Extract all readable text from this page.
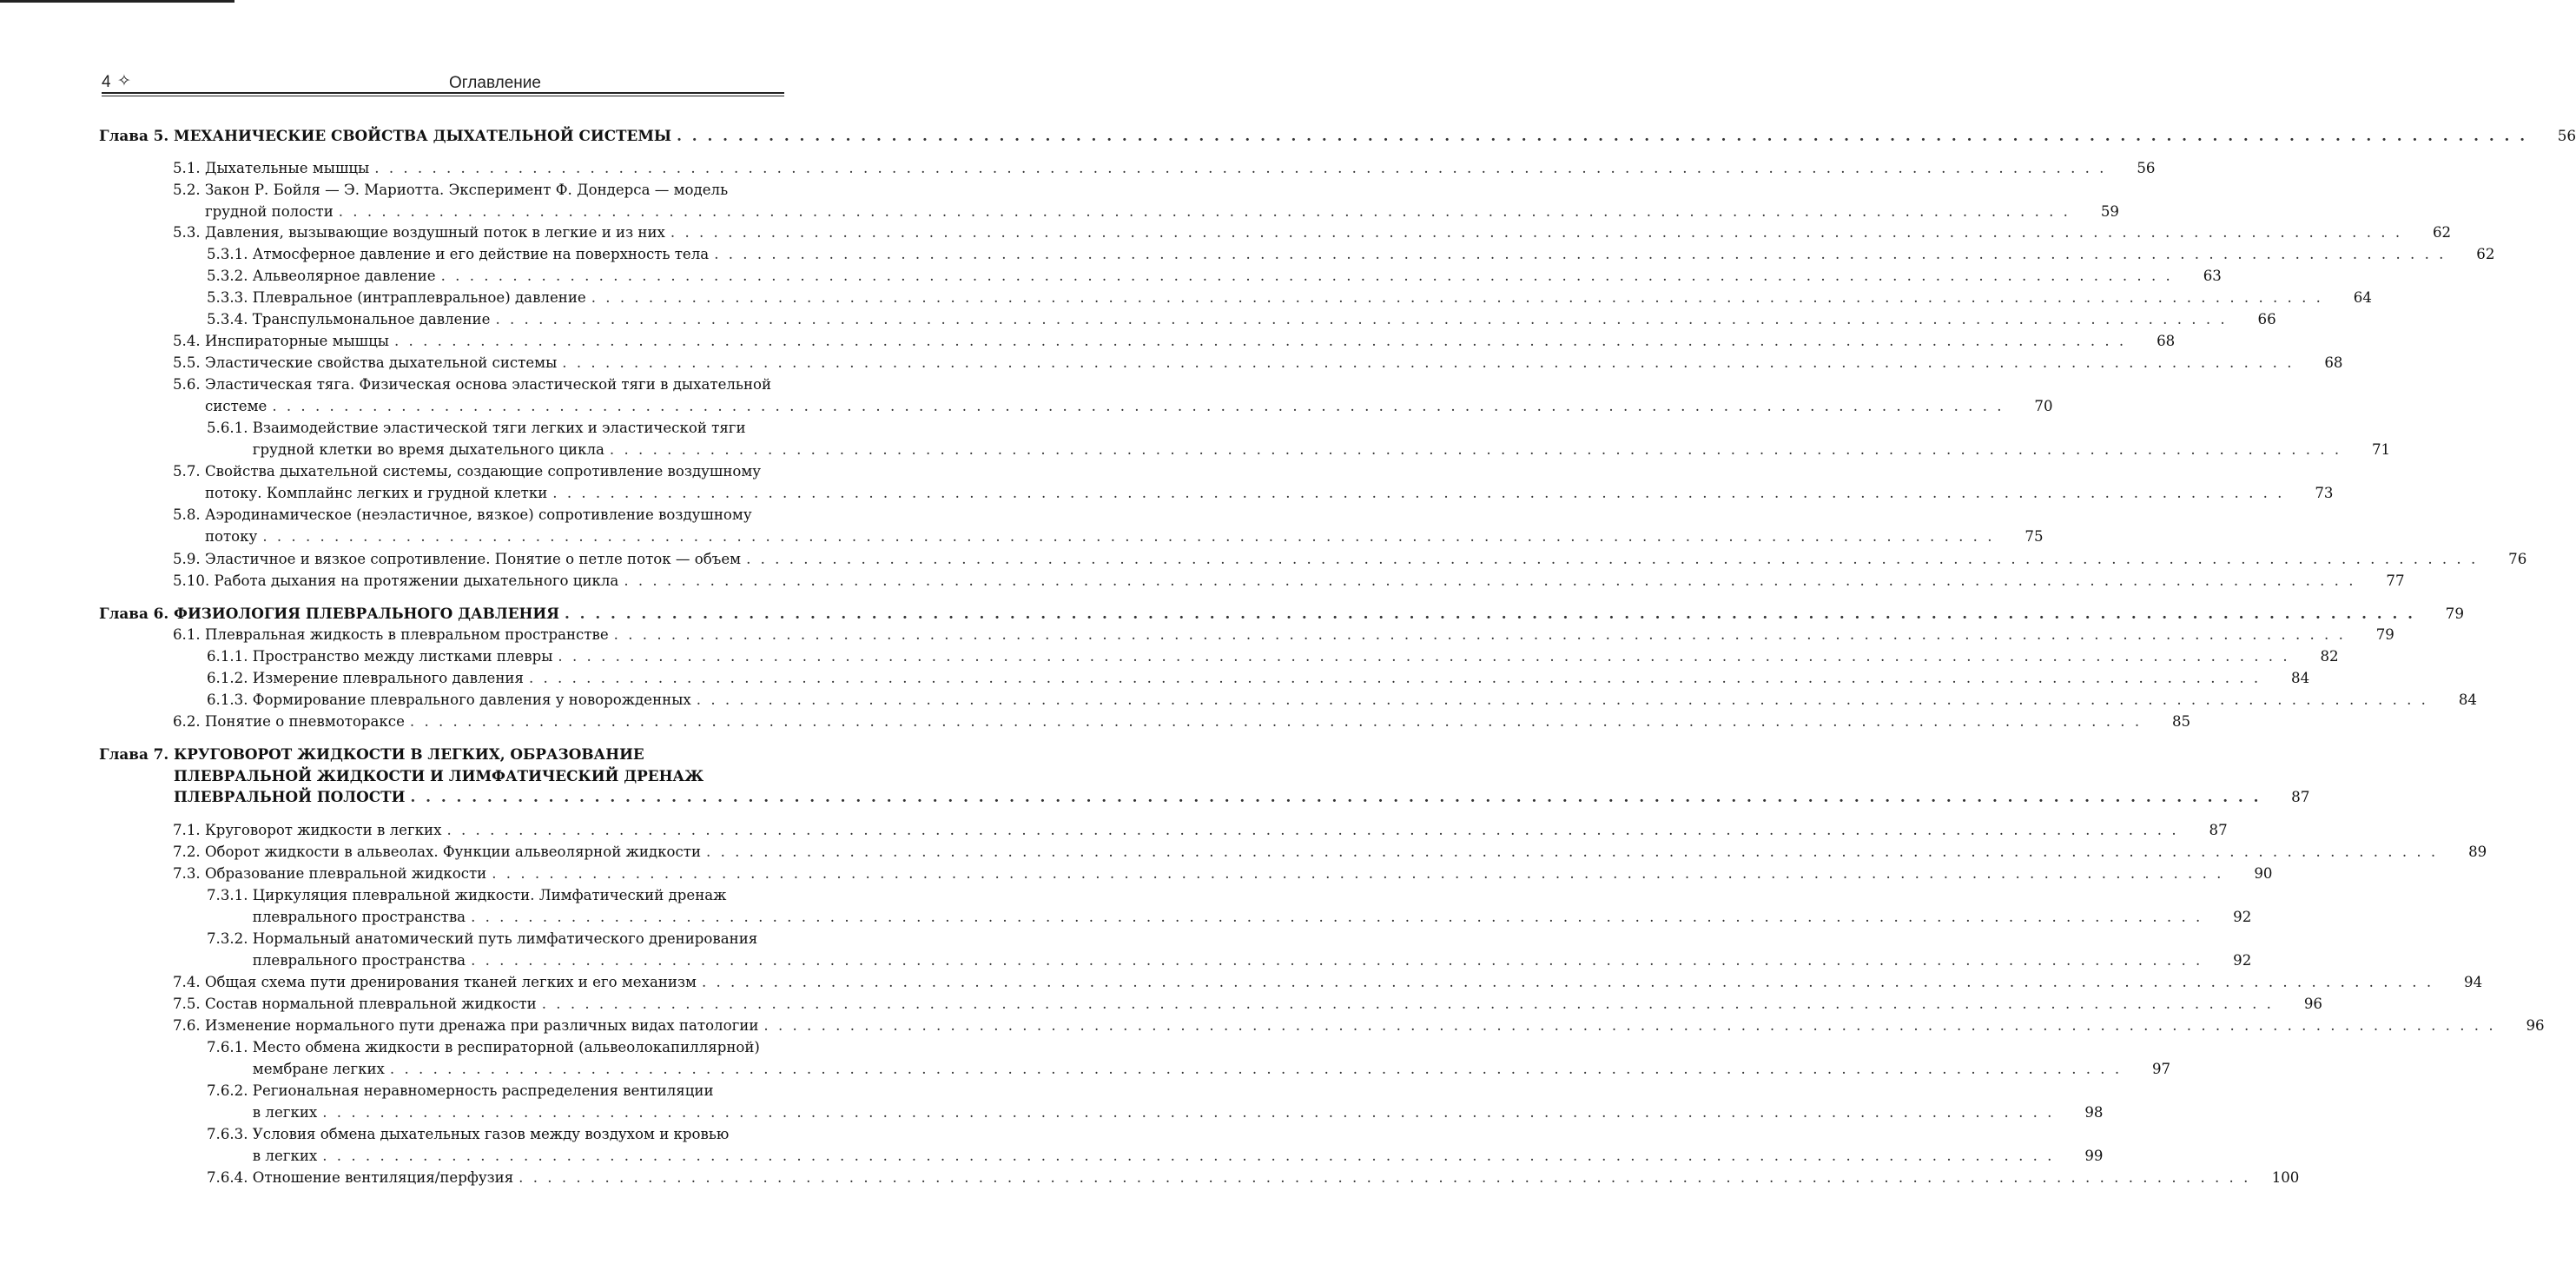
4 ✧	Оглавление
Глава 5. МЕХАНИЧЕСКИЕ СВОЙСТВА ДЫХАТЕЛЬНОЙ СИСТЕМЫ . . .	56
5.1. Дыхательные мышцы . . .	56
5.2. Закон Р. Бойля — Э. Мариотта. Эксперимент Ф. Дондерса — модель
грудной полости . . .	59
5.3. Давления, вызывающие воздушный поток в легкие и из них . . .	62
5.3.1. Атмосферное давление и его действие на поверхность тела . . .	62
5.3.2. Альвеолярное давление . . .	63
5.3.3. Плевральное (интраплевральное) давление . . .	64
5.3.4. Транспульмональное давление . . .	66
5.4. Инспираторные мышцы . . .	68
5.5. Эластические свойства дыхательной системы . . .	68
5.6. Эластическая тяга. Физическая основа эластической тяги в дыхательной
системе . . .	70
5.6.1. Взаимодействие эластической тяги легких и эластической тяги
грудной клетки во время дыхательного цикла . . .	71
5.7. Свойства дыхательной системы, создающие сопротивление воздушному
потоку. Комплайнс легких и грудной клетки . . .	73
5.8. Аэродинамическое (неэластичное, вязкое) сопротивление воздушному
потоку . . .	75
5.9. Эластичное и вязкое сопротивление. Понятие о петле поток — объем . . .	76
5.10. Работа дыхания на протяжении дыхательного цикла . . .	77
Глава 6. ФИЗИОЛОГИЯ ПЛЕВРАЛЬНОГО ДАВЛЕНИЯ . . .	79
6.1. Плевральная жидкость в плевральном пространстве . . .	79
6.1.1. Пространство между листками плевры . . .	82
6.1.2. Измерение плеврального давления . . .	84
6.1.3. Формирование плеврального давления у новорожденных . . .	84
6.2. Понятие о пневмотораксе . . .	85
Глава 7. КРУГОВОРОТ ЖИДКОСТИ В ЛЕГКИХ, ОБРАЗОВАНИЕ
ПЛЕВРАЛЬНОЙ ЖИДКОСТИ И ЛИМФАТИЧЕСКИЙ ДРЕНАЖ
ПЛЕВРАЛЬНОЙ ПОЛОСТИ . . .	87
7.1. Круговорот жидкости в легких . . .	87
7.2. Оборот жидкости в альвеолах. Функции альвеолярной жидкости . . .	89
7.3. Образование плевральной жидкости . . .	90
7.3.1. Циркуляция плевральной жидкости. Лимфатический дренаж
плеврального пространства . . .	92
7.3.2. Нормальный анатомический путь лимфатического дренирования
плеврального пространства . . .	92
7.4. Общая схема пути дренирования тканей легких и его механизм . . .	94
7.5. Состав нормальной плевральной жидкости . . .	96
7.6. Изменение нормального пути дренажа при различных видах патологии . . .	96
7.6.1. Место обмена жидкости в респираторной (альвеолокапиллярной)
мембране легких . . .	97
7.6.2. Региональная неравномерность распределения вентиляции
в легких . . .	98
7.6.3. Условия обмена дыхательных газов между воздухом и кровью
в легких . . .	99
7.6.4. Отношение вентиляция/перфузия . . .	100
